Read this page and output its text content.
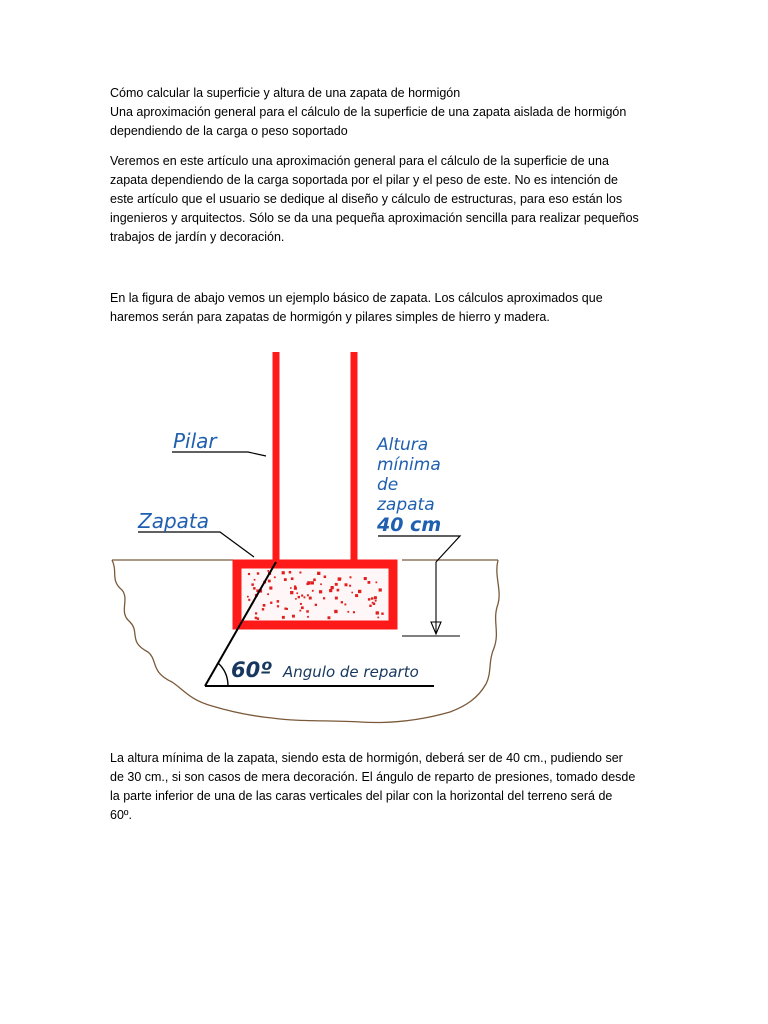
Cómo calcular la superficie y altura de una zapata de hormigón

Una aproximación general para el cálculo de la superficie de una zapata aislada de hormigón

dependiendo de la carga o peso soportado

Veremos en este artículo una aproximación general para el cálculo de la superficie de una

zapata dependiendo de la carga soportada por el pilar y el peso de este. No es intención de

este artículo que el usuario se dedique al diseño y cálculo de estructuras, para eso están los

ingenieros y arquitectos. Sólo se da una pequeña aproximación sencilla para realizar pequeños

trabajos de jardín y decoración.

En la figura de abajo vemos un ejemplo básico de zapata. Los cálculos aproximados que

haremos serán para zapatas de hormigón y pilares simples de hierro y madera.

Pilar
Zapata
Altura
mínima
de
zapata
40 cm
60º Angulo de reparto

La altura mínima de la zapata, siendo esta de hormigón, deberá ser de 40 cm., pudiendo ser

de 30 cm., si son casos de mera decoración. El ángulo de reparto de presiones, tomado desde

la parte inferior de una de las caras verticales del pilar con la horizontal del terreno será de

60º.
